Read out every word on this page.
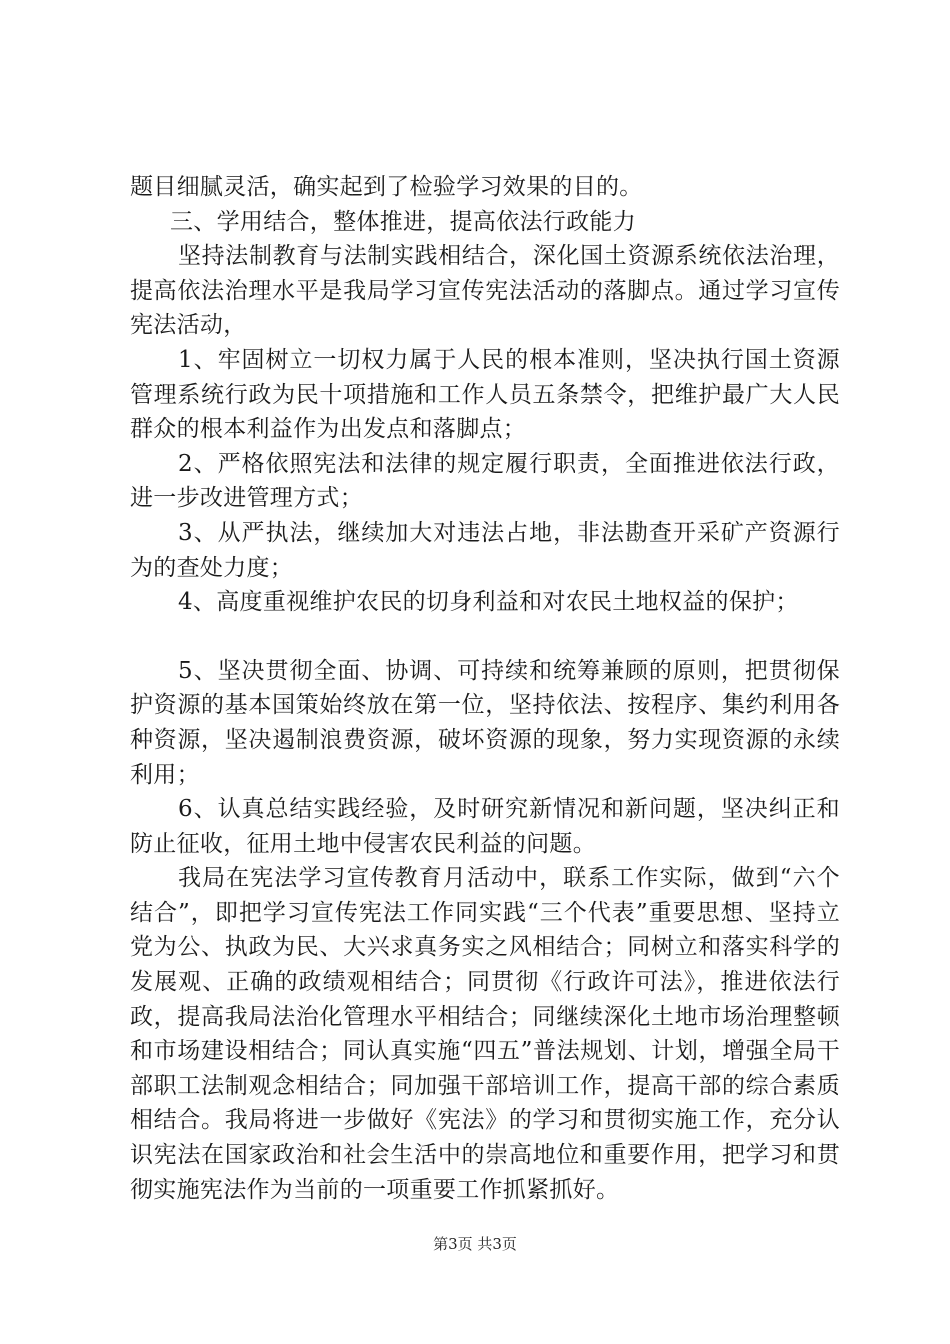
题目细腻灵活，确实起到了检验学习效果的目的。

三、学用结合，整体推进，提高依法行政能力

坚持法制教育与法制实践相结合，深化国土资源系统依法治理，提高依法治理水平是我局学习宣传宪法活动的落脚点。通过学习宣传宪法活动，

1、牢固树立一切权力属于人民的根本准则，坚决执行国土资源管理系统行政为民十项措施和工作人员五条禁令，把维护最广大人民群众的根本利益作为出发点和落脚点；

2、严格依照宪法和法律的规定履行职责，全面推进依法行政，进一步改进管理方式；

3、从严执法，继续加大对违法占地，非法勘查开采矿产资源行为的查处力度；

4、高度重视维护农民的切身利益和对农民土地权益的保护；

5、坚决贯彻全面、协调、可持续和统筹兼顾的原则，把贯彻保护资源的基本国策始终放在第一位，坚持依法、按程序、集约利用各种资源，坚决遏制浪费资源，破坏资源的现象，努力实现资源的永续利用；

6、认真总结实践经验，及时研究新情况和新问题，坚决纠正和防止征收，征用土地中侵害农民利益的问题。

我局在宪法学习宣传教育月活动中，联系工作实际，做到“六个结合”，即把学习宣传宪法工作同实践“三个代表”重要思想、坚持立党为公、执政为民、大兴求真务实之风相结合；同树立和落实科学的发展观、正确的政绩观相结合；同贯彻《行政许可法》，推进依法行政，提高我局法治化管理水平相结合；同继续深化土地市场治理整顿和市场建设相结合；同认真实施“四五”普法规划、计划，增强全局干部职工法制观念相结合；同加强干部培训工作，提高干部的综合素质相结合。我局将进一步做好《宪法》的学习和贯彻实施工作，充分认识宪法在国家政治和社会生活中的崇高地位和重要作用，把学习和贯彻实施宪法作为当前的一项重要工作抓紧抓好。

第3页 共3页
